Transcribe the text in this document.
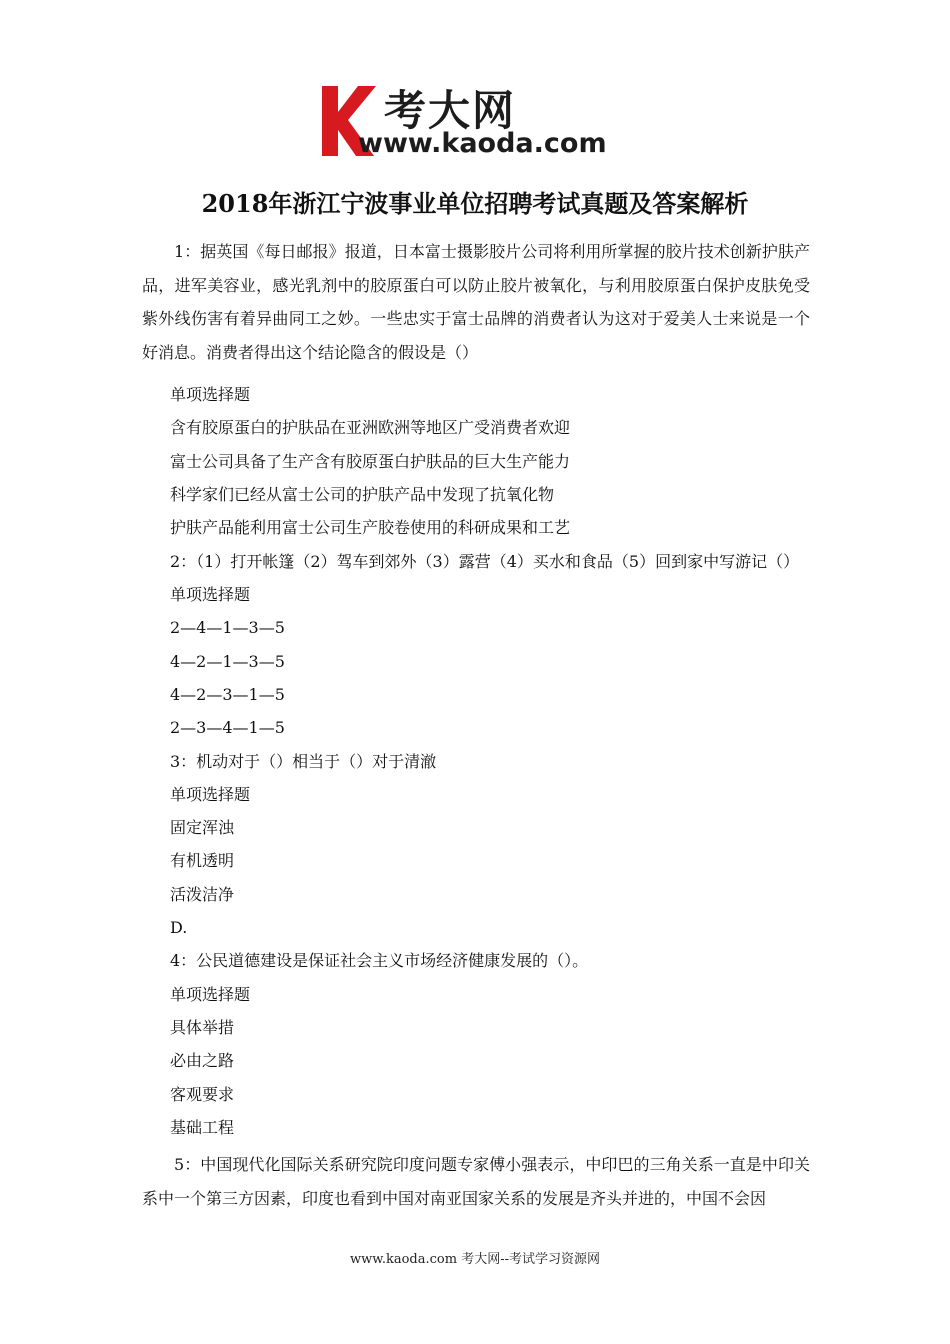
考大网
www.kaoda.com
2018年浙江宁波事业单位招聘考试真题及答案解析

1：据英国《每日邮报》报道，日本富士摄影胶片公司将利用所掌握的胶片技术创新护肤产品，进军美容业，感光乳剂中的胶原蛋白可以防止胶片被氧化，与利用胶原蛋白保护皮肤免受紫外线伤害有着异曲同工之妙。一些忠实于富士品牌的消费者认为这对于爱美人士来说是一个好消息。消费者得出这个结论隐含的假设是（）

单项选择题

含有胶原蛋白的护肤品在亚洲欧洲等地区广受消费者欢迎

富士公司具备了生产含有胶原蛋白护肤品的巨大生产能力

科学家们已经从富士公司的护肤产品中发现了抗氧化物

护肤产品能利用富士公司生产胶卷使用的科研成果和工艺

2：（1）打开帐篷（2）驾车到郊外（3）露营（4）买水和食品（5）回到家中写游记（）

单项选择题

2—4—1—3—5

4—2—1—3—5

4—2—3—1—5

2—3—4—1—5

3：机动对于（）相当于（）对于清澈

单项选择题

固定浑浊

有机透明

活泼洁净

D.

4：公民道德建设是保证社会主义市场经济健康发展的（）。

单项选择题

具体举措

必由之路

客观要求

基础工程

5：中国现代化国际关系研究院印度问题专家傅小强表示，中印巴的三角关系一直是中印关系中一个第三方因素，印度也看到中国对南亚国家关系的发展是齐头并进的，中国不会因

www.kaoda.com 考大网--考试学习资源网
